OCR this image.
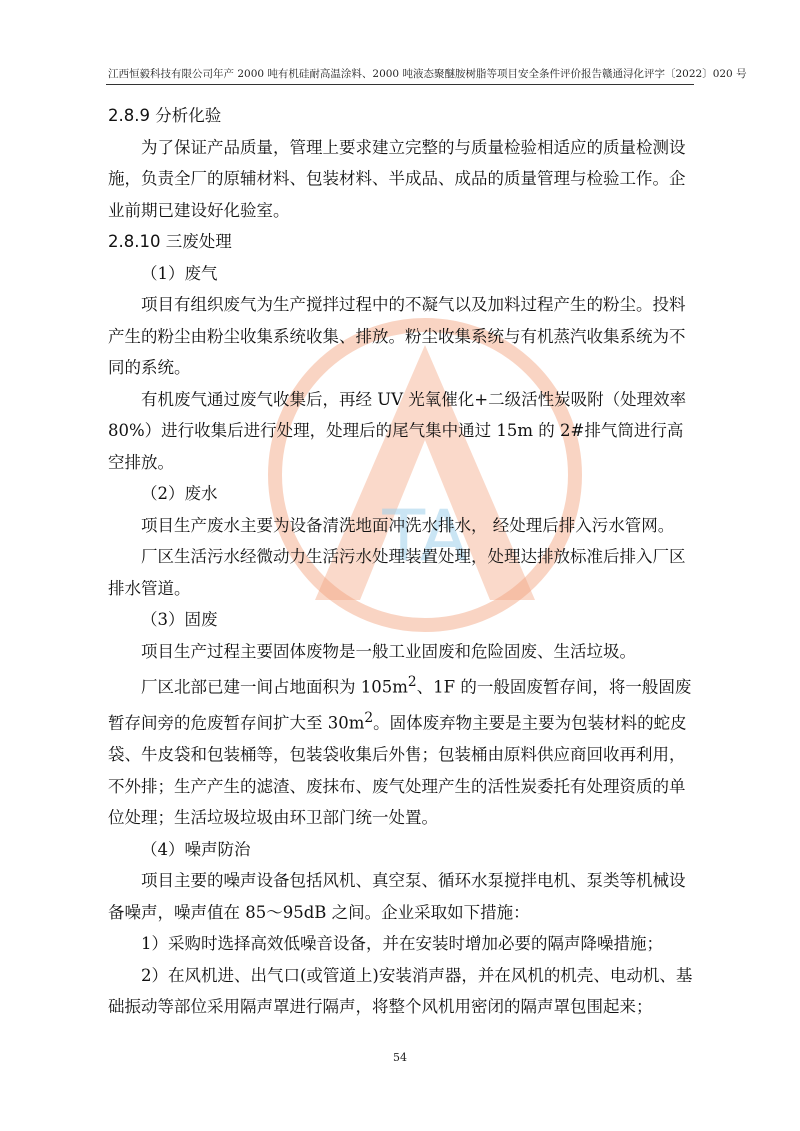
江西恒毅科技有限公司年产 2000 吨有机硅耐高温涂料、2000 吨液态聚醚胺树脂等项目安全条件评价报告 赣通浔化评字〔2022〕020 号
TA

2.8.9 分析化验

为了保证产品质量，管理上要求建立完整的与质量检验相适应的质量检测设施，负责全厂的原辅材料、包装材料、半成品、成品的质量管理与检验工作。企业前期已建设好化验室。

2.8.10 三废处理

（1）废气

项目有组织废气为生产搅拌过程中的不凝气以及加料过程产生的粉尘。投料产生的粉尘由粉尘收集系统收集、排放。粉尘收集系统与有机蒸汽收集系统为不同的系统。

有机废气通过废气收集后，再经 UV 光氧催化+二级活性炭吸附（处理效率 80%）进行收集后进行处理，处理后的尾气集中通过 15m 的 2#排气筒进行高空排放。

（2）废水

项目生产废水主要为设备清洗地面冲洗水排水， 经处理后排入污水管网。

厂区生活污水经微动力生活污水处理装置处理，处理达排放标准后排入厂区排水管道。

（3）固废

项目生产过程主要固体废物是一般工业固废和危险固废、生活垃圾。

厂区北部已建一间占地面积为 $105m^2$、1F 的一般固废暂存间，将一般固废暂存间旁的危废暂存间扩大至 $30m^2$。固体废弃物主要是主要为包装材料的蛇皮袋、牛皮袋和包装桶等，包装袋收集后外售；包装桶由原料供应商回收再利用，不外排；生产产生的滤渣、废抹布、废气处理产生的活性炭委托有处理资质的单位处理；生活垃圾垃圾由环卫部门统一处置。

（4）噪声防治

项目主要的噪声设备包括风机、真空泵、循环水泵搅拌电机、泵类等机械设备噪声，噪声值在 85～95dB 之间。企业采取如下措施：

1）采购时选择高效低噪音设备，并在安装时增加必要的隔声降噪措施；

2）在风机进、出气口(或管道上)安装消声器，并在风机的机壳、电动机、基础振动等部位采用隔声罩进行隔声，将整个风机用密闭的隔声罩包围起来；

54
